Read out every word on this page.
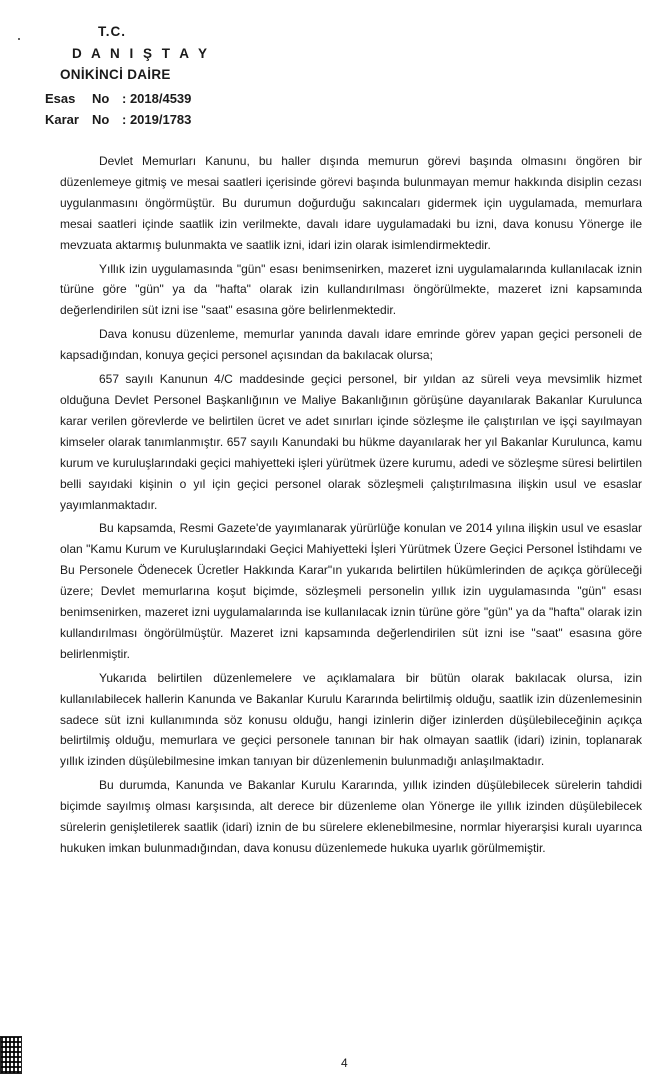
T.C.
D A N I Ş T A Y
ONİKİNCİ DAİRE
Esas No : 2018/4539
Karar No : 2019/1783

Devlet Memurları Kanunu, bu haller dışında memurun görevi başında olmasını öngören bir düzenlemeye gitmiş ve mesai saatleri içerisinde görevi başında bulunmayan memur hakkında disiplin cezası uygulanmasını öngörmüştür. Bu durumun doğurduğu sakıncaları gidermek için uygulamada, memurlara mesai saatleri içinde saatlik izin verilmekte, davalı idare uygulamadaki bu izni, dava konusu Yönerge ile mevzuata aktarmış bulunmakta ve saatlik izni, idari izin olarak isimlendirmektedir.

Yıllık izin uygulamasında "gün" esası benimsenirken, mazeret izni uygulamalarında kullanılacak iznin türüne göre "gün" ya da "hafta" olarak izin kullandırılması öngörülmekte, mazeret izni kapsamında değerlendirilen süt izni ise "saat" esasına göre belirlenmektedir.

Dava konusu düzenleme, memurlar yanında davalı idare emrinde görev yapan geçici personeli de kapsadığından, konuya geçici personel açısından da bakılacak olursa;

657 sayılı Kanunun 4/C maddesinde geçici personel, bir yıldan az süreli veya mevsimlik hizmet olduğuna Devlet Personel Başkanlığının ve Maliye Bakanlığının görüşüne dayanılarak Bakanlar Kurulunca karar verilen görevlerde ve belirtilen ücret ve adet sınırları içinde sözleşme ile çalıştırılan ve işçi sayılmayan kimseler olarak tanımlanmıştır. 657 sayılı Kanundaki bu hükme dayanılarak her yıl Bakanlar Kurulunca, kamu kurum ve kuruluşlarındaki geçici mahiyetteki işleri yürütmek üzere kurumu, adedi ve sözleşme süresi belirtilen belli sayıdaki kişinin o yıl için geçici personel olarak sözleşmeli çalıştırılmasına ilişkin usul ve esaslar yayımlanmaktadır.

Bu kapsamda, Resmi Gazete'de yayımlanarak yürürlüğe konulan ve 2014 yılına ilişkin usul ve esaslar olan "Kamu Kurum ve Kuruluşlarındaki Geçici Mahiyetteki İşleri Yürütmek Üzere Geçici Personel İstihdamı ve Bu Personele Ödenecek Ücretler Hakkında Karar"ın yukarıda belirtilen hükümlerinden de açıkça görüleceği üzere; Devlet memurlarına koşut biçimde, sözleşmeli personelin yıllık izin uygulamasında "gün" esası benimsenirken, mazeret izni uygulamalarında ise kullanılacak iznin türüne göre "gün" ya da "hafta" olarak izin kullandırılması öngörülmüştür. Mazeret izni kapsamında değerlendirilen süt izni ise "saat" esasına göre belirlenmiştir.

Yukarıda belirtilen düzenlemelere ve açıklamalara bir bütün olarak bakılacak olursa, izin kullanılabilecek hallerin Kanunda ve Bakanlar Kurulu Kararında belirtilmiş olduğu, saatlik izin düzenlemesinin sadece süt izni kullanımında söz konusu olduğu, hangi izinlerin diğer izinlerden düşülebileceğinin açıkça belirtilmiş olduğu, memurlara ve geçici personele tanınan bir hak olmayan saatlik (idari) izinin, toplanarak yıllık izinden düşülebilmesine imkan tanıyan bir düzenlemenin bulunmadığı anlaşılmaktadır.

Bu durumda, Kanunda ve Bakanlar Kurulu Kararında, yıllık izinden düşülebilecek sürelerin tahdidi biçimde sayılmış olması karşısında, alt derece bir düzenleme olan Yönerge ile yıllık izinden düşülebilecek sürelerin genişletilerek saatlik (idari) iznin de bu sürelere eklenebilmesine, normlar hiyerarşisi kuralı uyarınca hukuken imkan bulunmadığından, dava konusu düzenlemede hukuka uyarlık görülmemiştir.

4
